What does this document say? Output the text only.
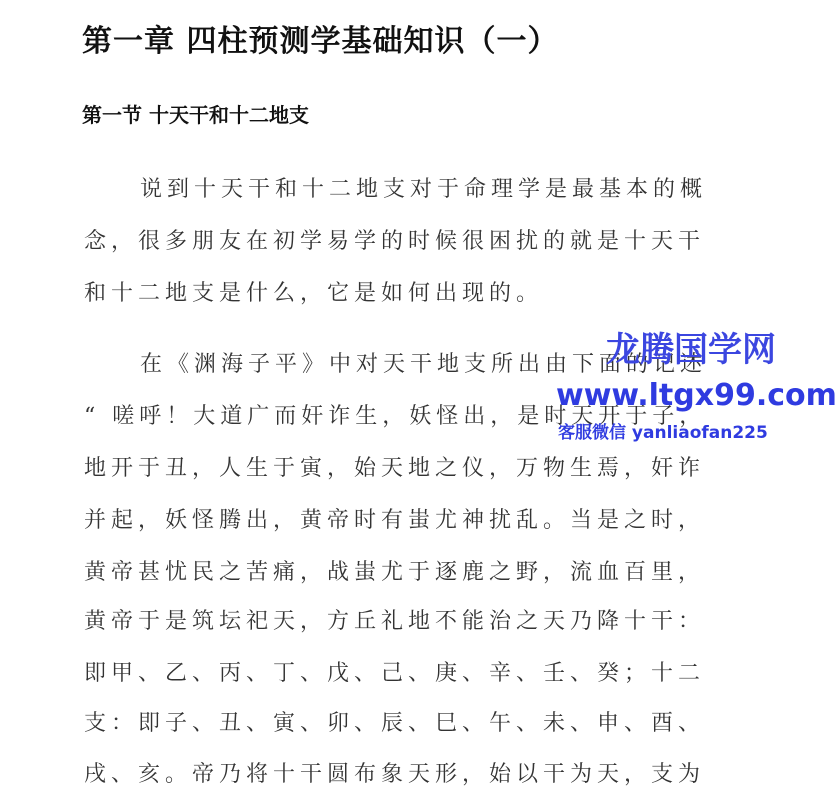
第一章 四柱预测学基础知识（一）
第一节 十天干和十二地支
说到十天干和十二地支对于命理学是最基本的概
念，很多朋友在初学易学的时候很困扰的就是十天干
和十二地支是什么，它是如何出现的。
在《渊海子平》中对天干地支所出由下面的记述
“ 嗟呼！大道广而奸诈生，妖怪出，是时天开于子，
地开于丑，人生于寅，始天地之仪，万物生焉，奸诈
并起，妖怪腾出，黄帝时有蚩尤神扰乱。当是之时，
黄帝甚忧民之苦痛，战蚩尤于逐鹿之野，流血百里，
黄帝于是筑坛祀天，方丘礼地不能治之天乃降十干：
即甲、乙、丙、丁、戊、己、庚、辛、壬、癸；十二
支：即子、丑、寅、卯、辰、巳、午、未、申、酉、
戌、亥。帝乃将十干圆布象天形，始以干为天，支为
龙腾国学网
www.ltgx99.com
客服微信 yanliaofan225
